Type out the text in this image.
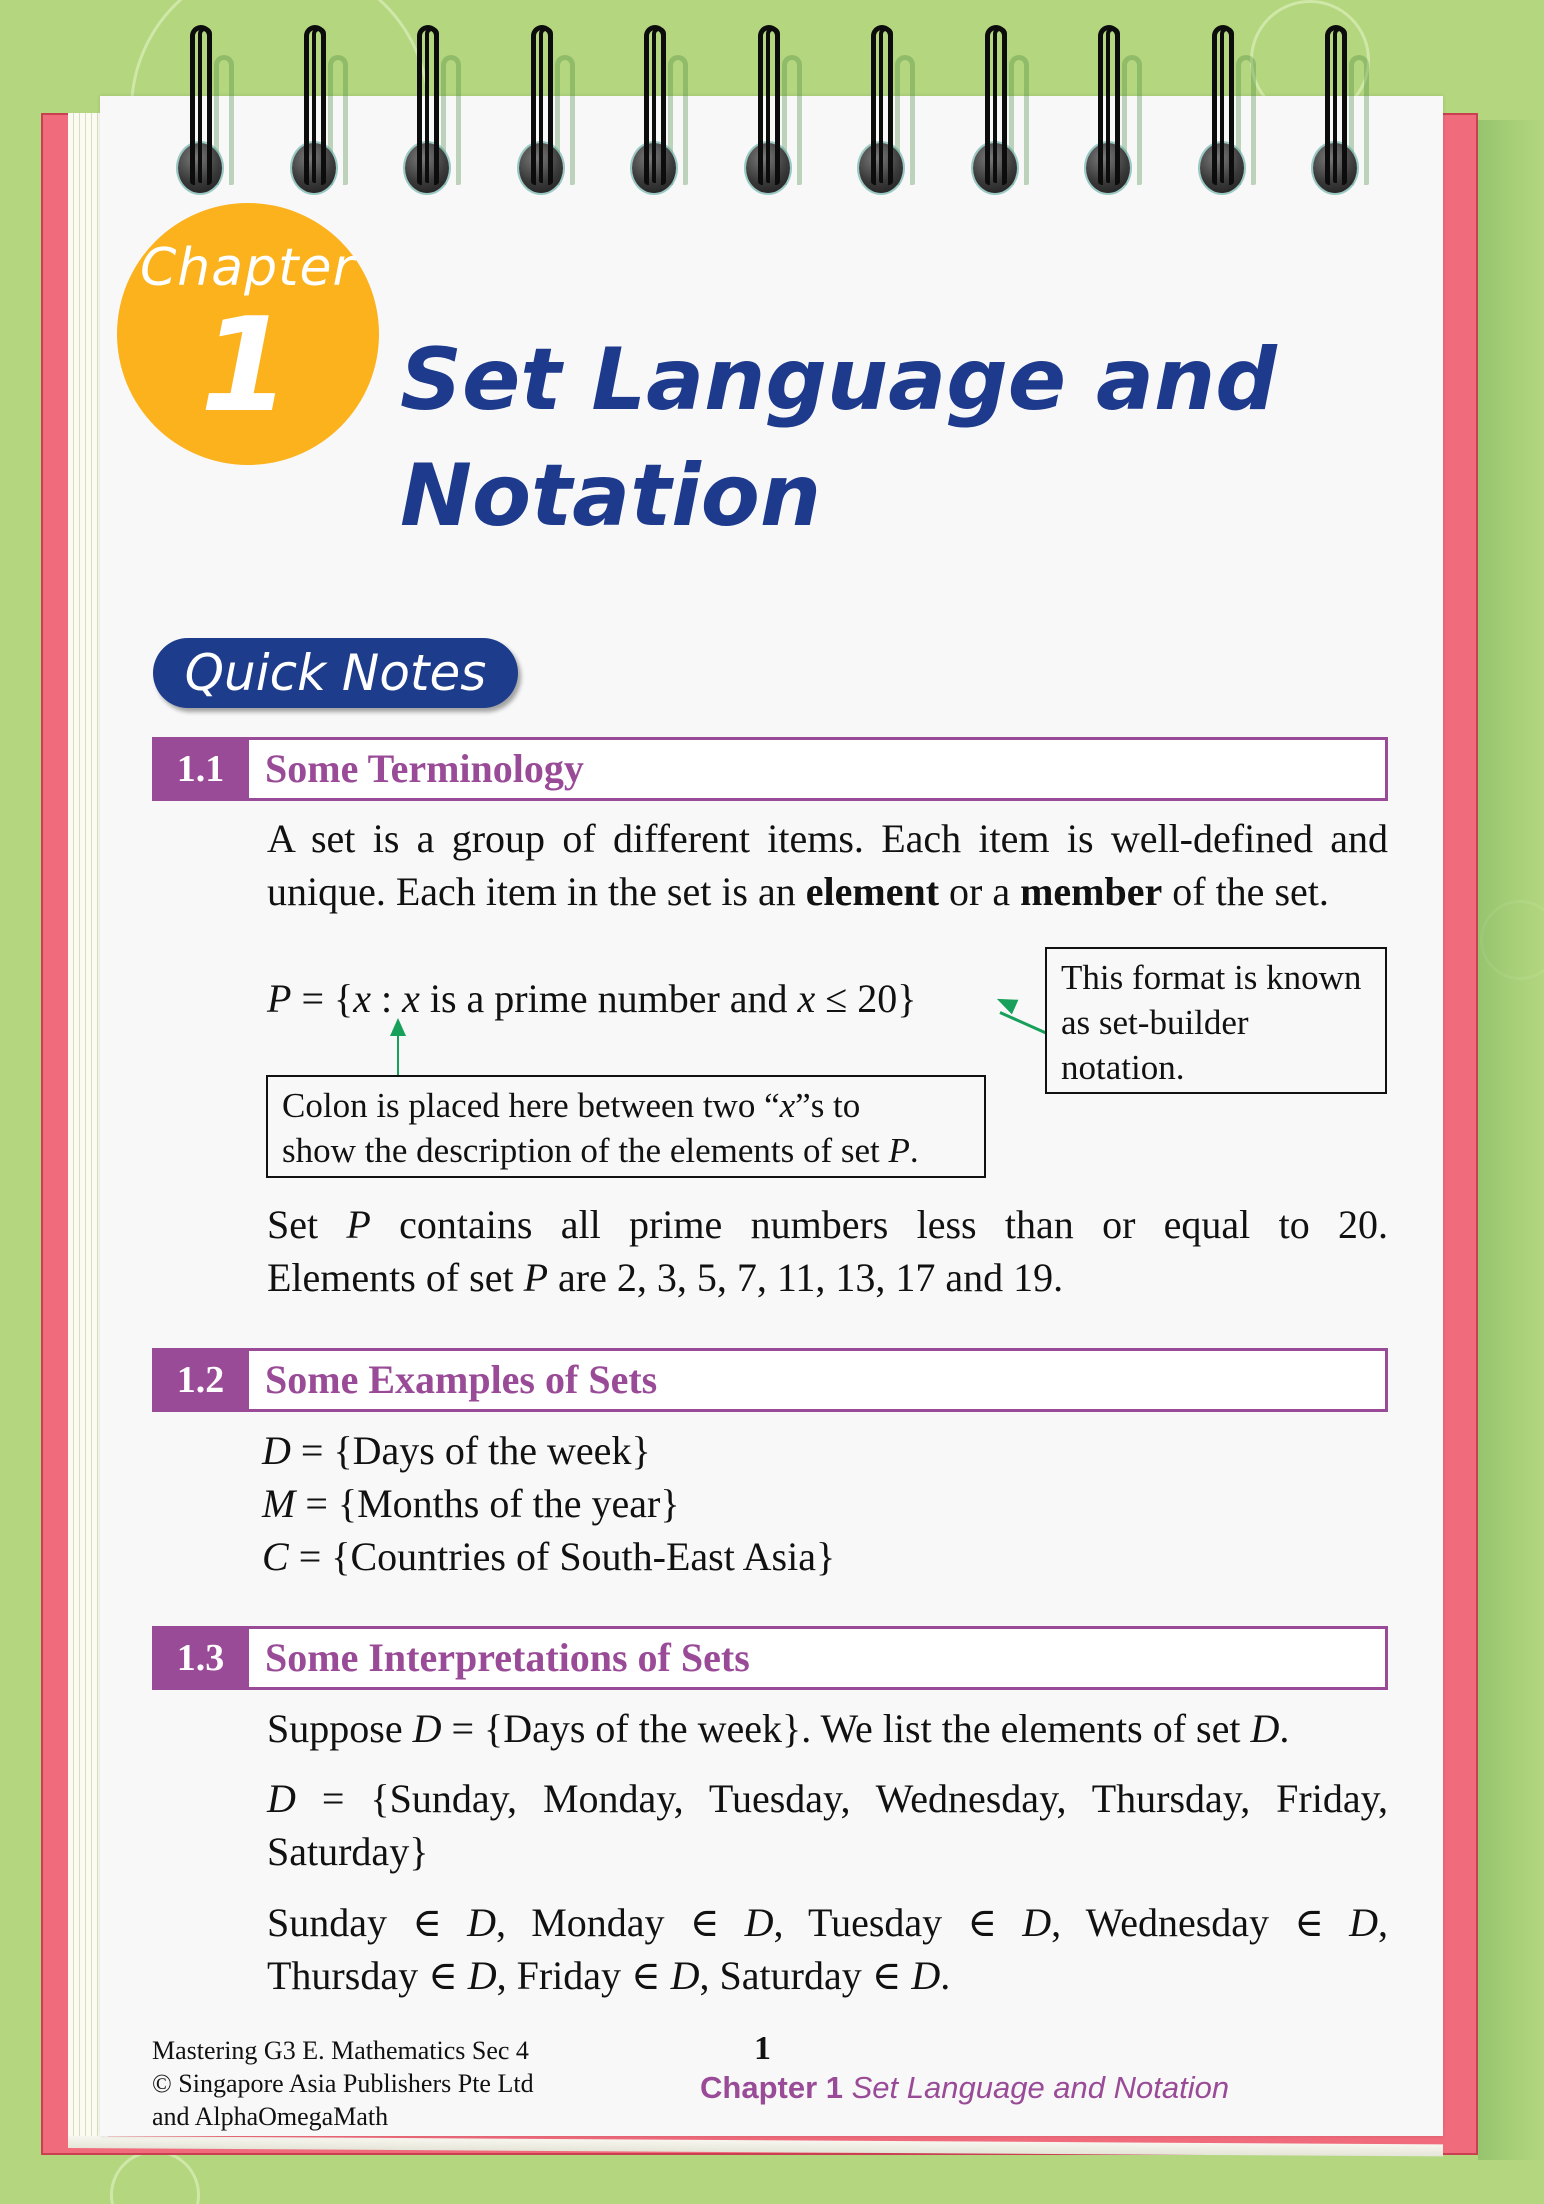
Chapter
1 Set Language and
Notation
Quick Notes
1.1	Some Terminology
A set is a group of different items. Each item is well-defined and unique. Each item in the set is an element or a member of the set.
P = {x : x is a prime number and x ≤ 20}	This format is known as set-builder notation.
Colon is placed here between two “x”s to
show the description of the elements of set P.
Set P contains all prime numbers less than or equal to 20.
Elements of set P are 2, 3, 5, 7, 11, 13, 17 and 19.
1.2	Some Examples of Sets
D = {Days of the week}
M = {Months of the year}
C = {Countries of South-East Asia}
1.3	Some Interpretations of Sets
Suppose D = {Days of the week}. We list the elements of set D.
D = {Sunday, Monday, Tuesday, Wednesday, Thursday, Friday,
Saturday}
Sunday ∈ D, Monday ∈ D, Tuesday ∈ D, Wednesday ∈ D,
Thursday ∈ D, Friday ∈ D, Saturday ∈ D.
Mastering G3 E. Mathematics Sec 4
© Singapore Asia Publishers Pte Ltd
and AlphaOmegaMath
1
Chapter 1 Set Language and Notation
